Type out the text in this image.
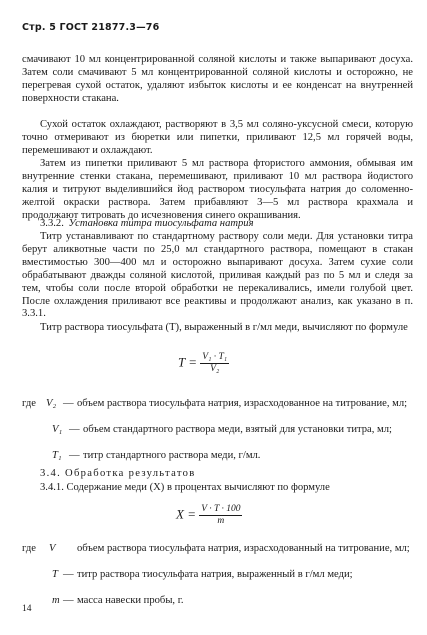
Стр. 5 ГОСТ 21877.3—76

смачивают 10 мл концентрированной соляной кислоты и также выпаривают досуха. Затем соли смачивают 5 мл концентрированной соляной кислоты и осторожно, не перегревая сухой остаток, удаляют избыток кислоты и ее конденсат на внутренней поверхности стакана.

Сухой остаток охлаждают, растворяют в 3,5 мл соляно-уксусной смеси, которую точно отмеривают из бюретки или пипетки, приливают 12,5 мл горячей воды, перемешивают и охлаждают.

Затем из пипетки приливают 5 мл раствора фтористого аммония, обмывая им внутренние стенки стакана, перемешивают, приливают 10 мл раствора йодистого калия и титруют выделившийся йод раствором тиосульфата натрия до соломенно-желтой окраски раствора. Затем прибавляют 3—5 мл раствора крахмала и продолжают титровать до исчезновения синего окрашивания.

3.3.2. Установка титра тиосульфата натрия

Титр устанавливают по стандартному раствору соли меди. Для установки титра берут аликвотные части по 25,0 мл стандартного раствора, помещают в стакан вместимостью 300—400 мл и осторожно выпаривают досуха. Затем сухие соли обрабатывают дважды соляной кислотой, приливая каждый раз по 5 мл и следя за тем, чтобы соли после второй обработки не перекаливались, имели голубой цвет. После охлаждения приливают все реактивы и продолжают анализ, как указано в п. 3.3.1.

Титр раствора тиосульфата (T), выраженный в г/мл меди, вычисляют по формуле

$T = \frac{\text{V₁ · T₁}}{\text{V₂}}$
где V₂ — объем раствора тиосульфата натрия, израсходованное на титрование, мл;
V₁ — объем стандартного раствора меди, взятый для установки титра, мл;
T₁ — титр стандартного раствора меди, г/мл.
3.4. Обработка результатов

3.4.1. Содержание меди (X) в процентах вычисляют по формуле

$X = \frac{V \cdot T \cdot 100}{m}$
где V объем раствора тиосульфата натрия, израсходованный на титрование, мл;
T — титр раствора тиосульфата натрия, выраженный в г/мл меди;
m — масса навески пробы, г.
14
